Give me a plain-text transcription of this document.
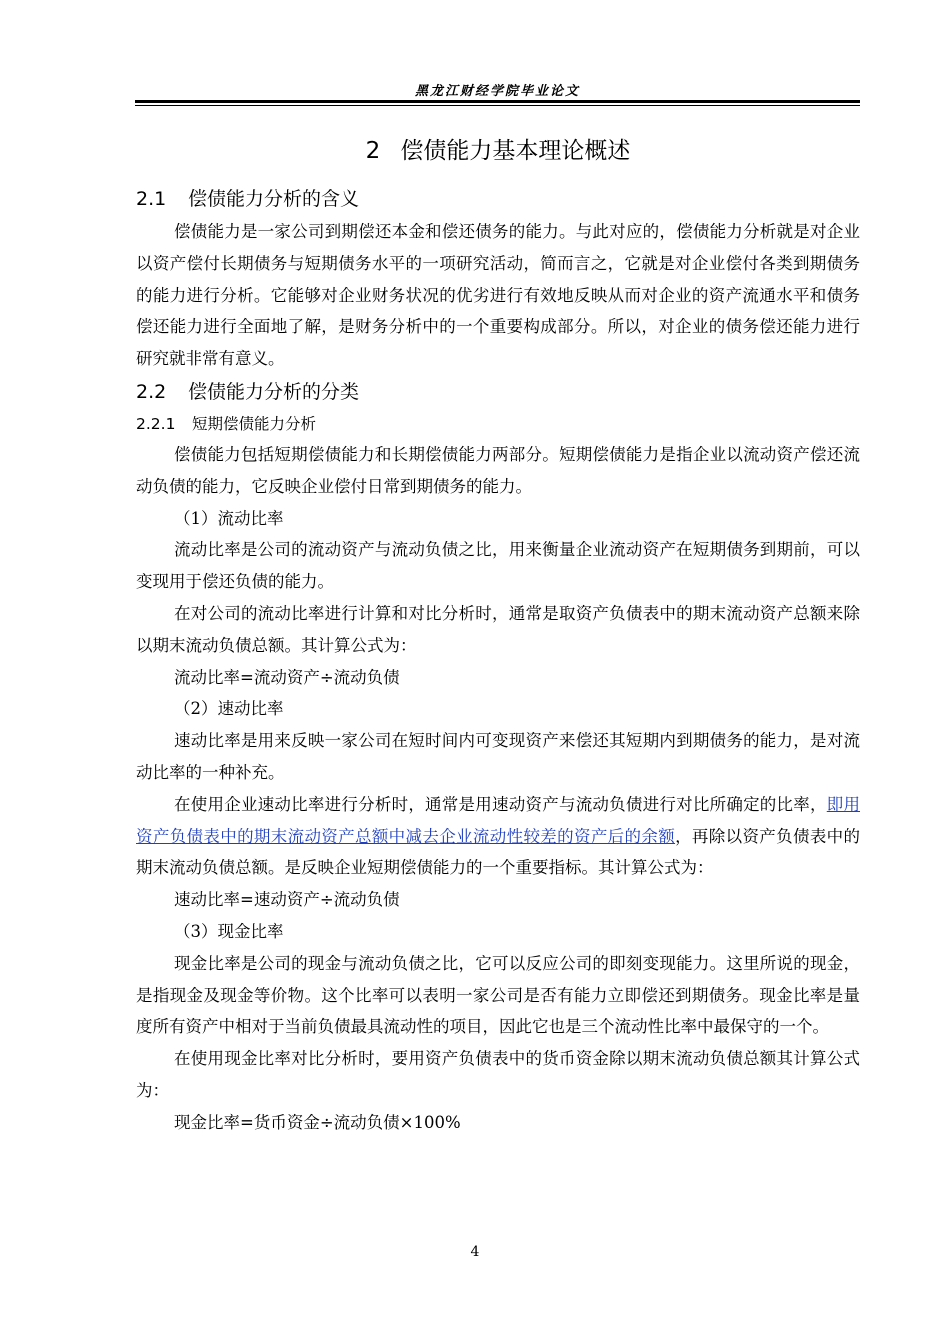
黑龙江财经学院毕业论文
2 偿债能力基本理论概述
2.1 偿债能力分析的含义

偿债能力是一家公司到期偿还本金和偿还债务的能力。与此对应的，偿债能力分析就是对企业以资产偿付长期债务与短期债务水平的一项研究活动，简而言之，它就是对企业偿付各类到期债务的能力进行分析。它能够对企业财务状况的优劣进行有效地反映从而对企业的资产流通水平和债务偿还能力进行全面地了解，是财务分析中的一个重要构成部分。所以，对企业的债务偿还能力进行研究就非常有意义。

2.2 偿债能力分析的分类
2.2.1 短期偿债能力分析

偿债能力包括短期偿债能力和长期偿债能力两部分。短期偿债能力是指企业以流动资产偿还流动负债的能力，它反映企业偿付日常到期债务的能力。

（1）流动比率

流动比率是公司的流动资产与流动负债之比，用来衡量企业流动资产在短期债务到期前，可以变现用于偿还负债的能力。

在对公司的流动比率进行计算和对比分析时，通常是取资产负债表中的期末流动资产总额来除以期末流动负债总额。其计算公式为：

流动比率=流动资产÷流动负债

（2）速动比率

速动比率是用来反映一家公司在短时间内可变现资产来偿还其短期内到期债务的能力，是对流动比率的一种补充。

在使用企业速动比率进行分析时，通常是用速动资产与流动负债进行对比所确定的比率，即用资产负债表中的期末流动资产总额中减去企业流动性较差的资产后的余额，再除以资产负债表中的期末流动负债总额。是反映企业短期偿债能力的一个重要指标。其计算公式为：

速动比率=速动资产÷流动负债

（3）现金比率

现金比率是公司的现金与流动负债之比，它可以反应公司的即刻变现能力。这里所说的现金，是指现金及现金等价物。这个比率可以表明一家公司是否有能力立即偿还到期债务。现金比率是量度所有资产中相对于当前负债最具流动性的项目，因此它也是三个流动性比率中最保守的一个。

在使用现金比率对比分析时，要用资产负债表中的货币资金除以期末流动负债总额其计算公式为：

现金比率=货币资金÷流动负债×100%

4
